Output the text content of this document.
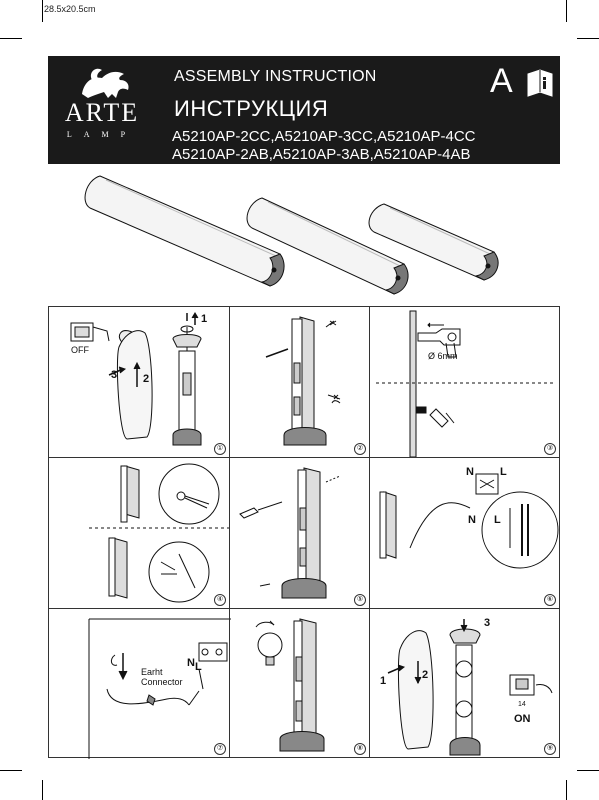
28.5x20.5cm
ARTE
LAMP
ASSEMBLY INSTRUCTION
ИНСТРУКЦИЯ
A5210AP-2CC,A5210AP-3CC,A5210AP-4CC
A5210AP-2AB,A5210AP-3AB,A5210AP-4AB
A
OFF
3 2
1
①	②
Ø 6mm
③
④	⑤
N L
N L
⑥
Earht
Connector
N L
⑦	⑧
1	2
3
14
ON
⑨
